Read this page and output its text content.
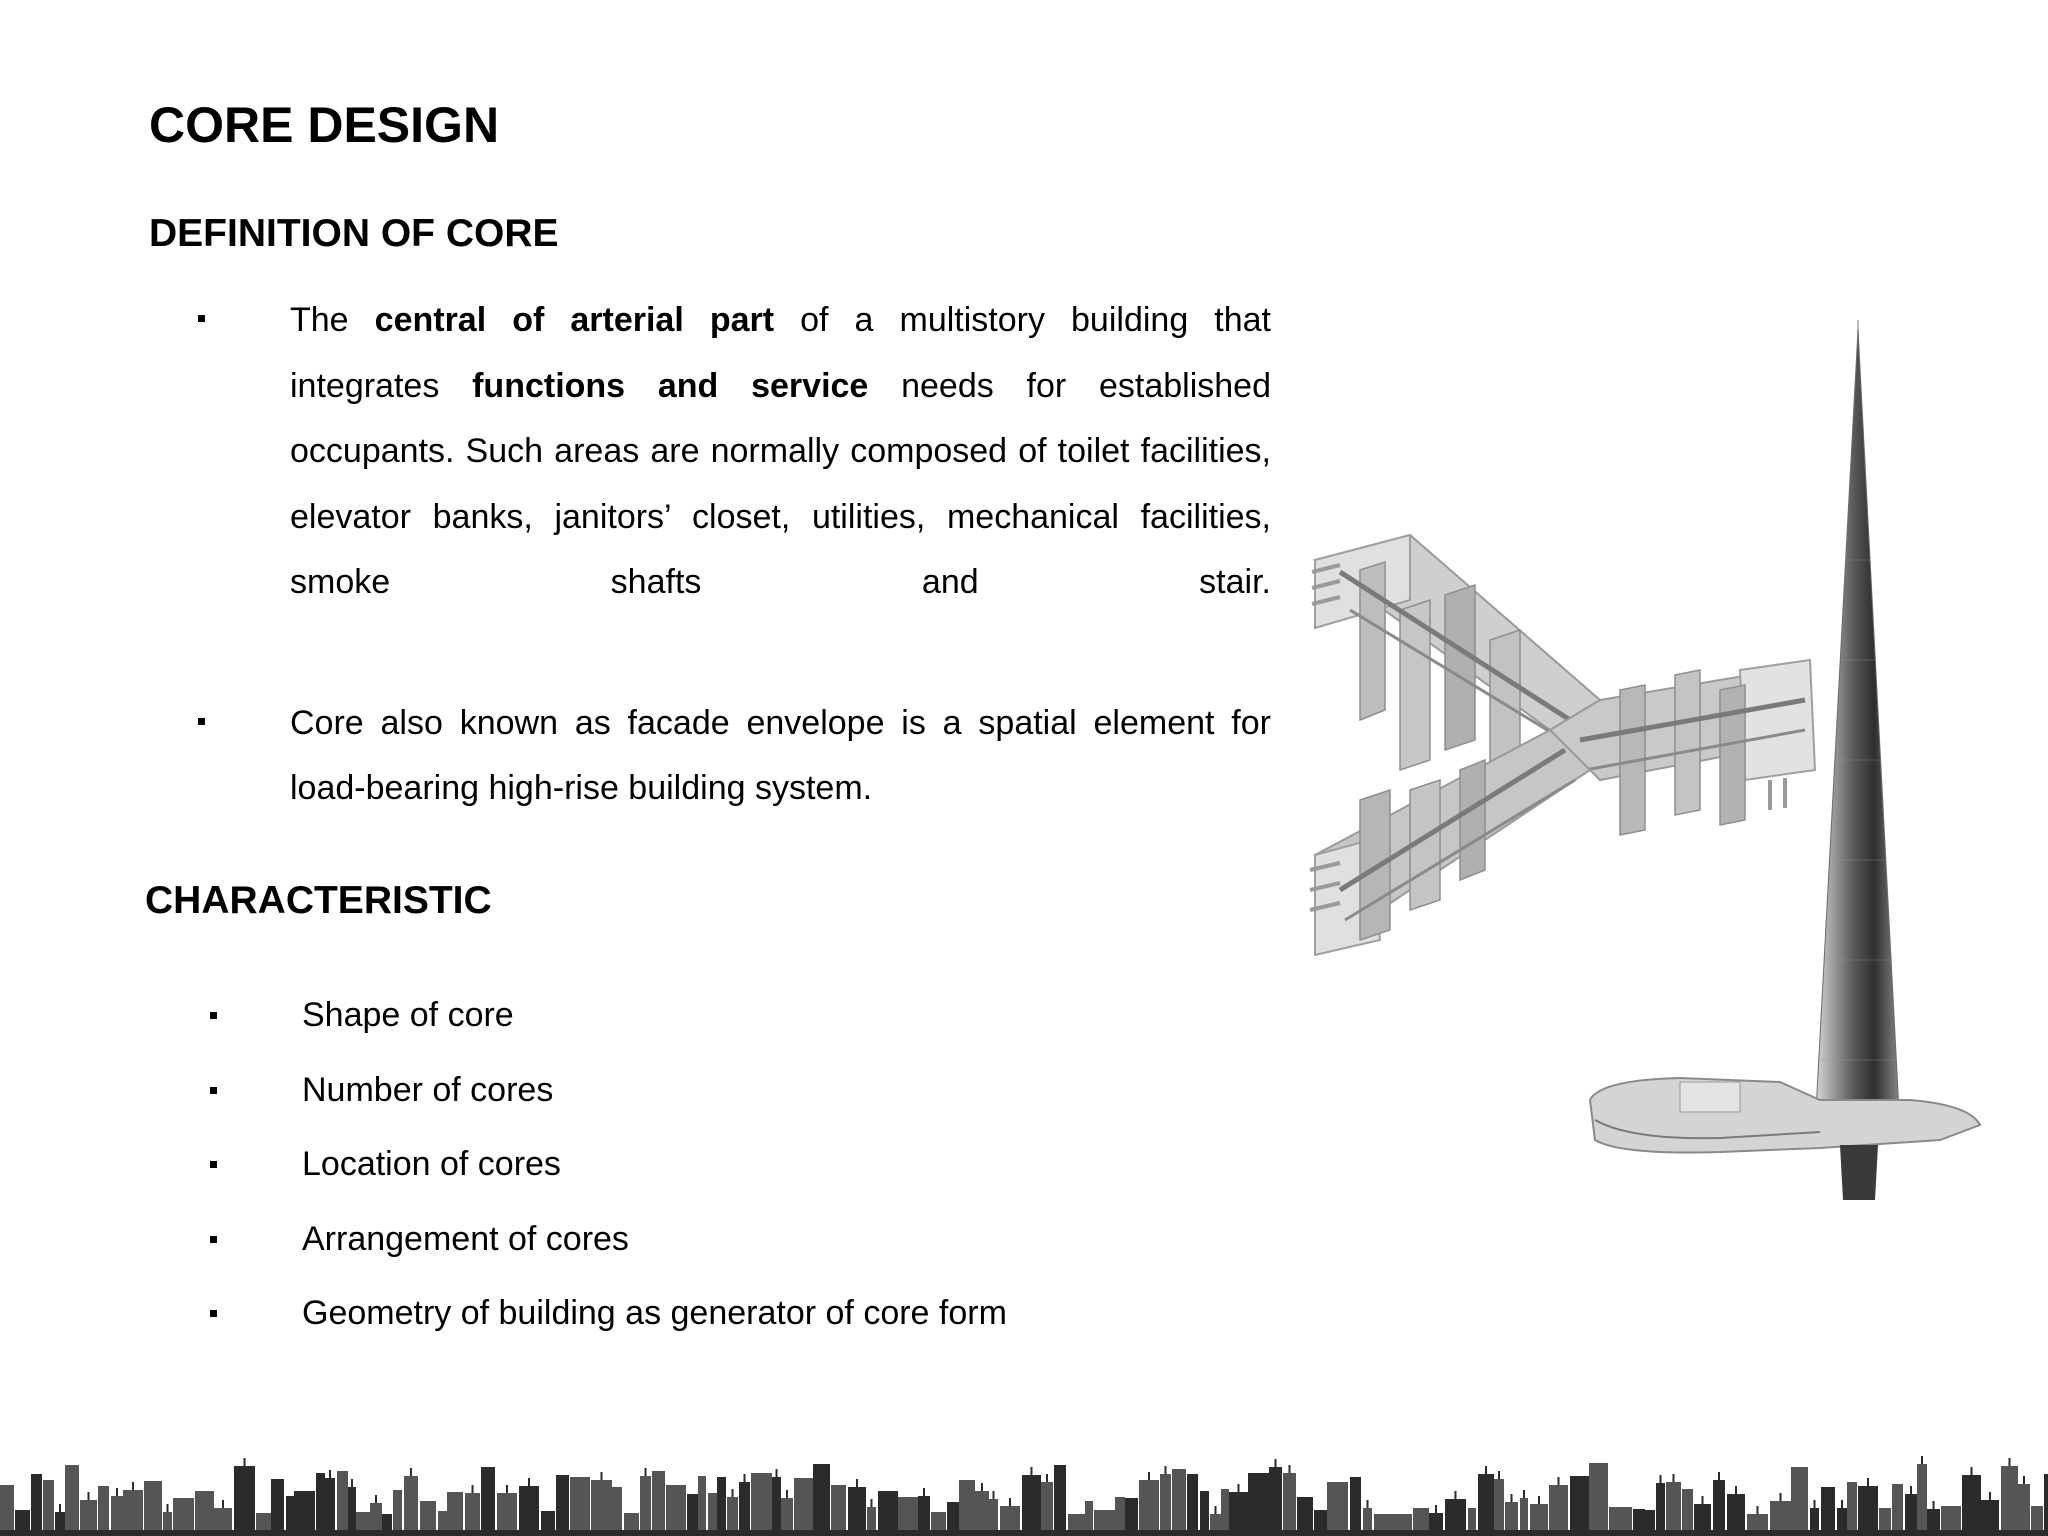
CORE DESIGN
DEFINITION OF CORE
The central of arterial part of a multistory building that integrates functions and service needs for established occupants. Such areas are normally composed of toilet facilities, elevator banks, janitors’ closet, utilities, mechanical facilities, smoke shafts and stair.
Core also known as facade envelope is a spatial element for load-bearing high-rise building system.
CHARACTERISTIC
Shape of core
Number of cores
Location of cores
Arrangement of cores
Geometry of building as generator of core form
